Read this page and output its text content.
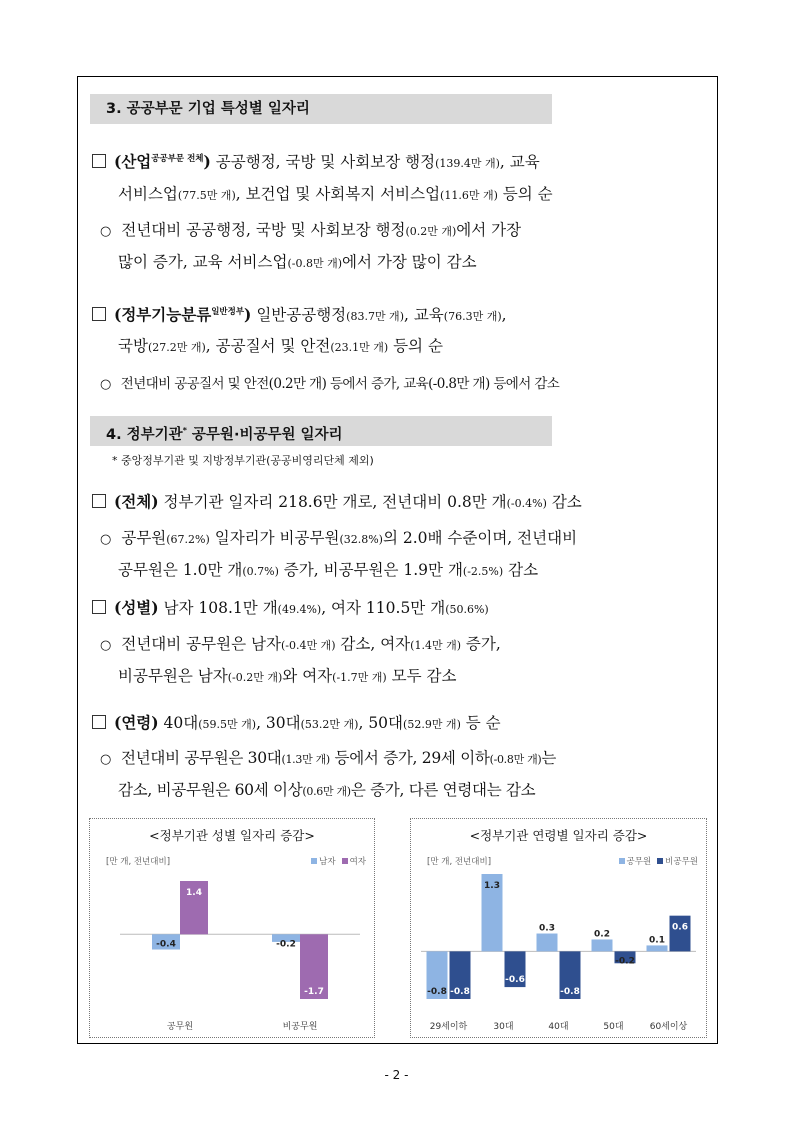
3. 공공부문 기업 특성별 일자리
(산업$^{공공부문 전체}$) 공공행정, 국방 및 사회보장 행정(139.4만 개), 교육
서비스업(77.5만 개), 보건업 및 사회복지 서비스업(11.6만 개) 등의 순
○ 전년대비 공공행정, 국방 및 사회보장 행정(0.2만 개)에서 가장
많이 증가, 교육 서비스업(-0.8만 개)에서 가장 많이 감소
(정부기능분류$^{일반정부}$) 일반공공행정(83.7만 개), 교육(76.3만 개),
국방(27.2만 개), 공공질서 및 안전(23.1만 개) 등의 순
○ 전년대비 공공질서 및 안전(0.2만 개) 등에서 증가, 교육(-0.8만 개) 등에서 감소
4. 정부기관* 공무원·비공무원 일자리
* 중앙정부기관 및 지방정부기관(공공비영리단체 제외)
(전체) 정부기관 일자리 218.6만 개로, 전년대비 0.8만 개(-0.4%) 감소
○ 공무원(67.2%) 일자리가 비공무원(32.8%)의 2.0배 수준이며, 전년대비
공무원은 1.0만 개(0.7%) 증가, 비공무원은 1.9만 개(-2.5%) 감소
(성별) 남자 108.1만 개(49.4%), 여자 110.5만 개(50.6%)
○ 전년대비 공무원은 남자(-0.4만 개) 감소, 여자(1.4만 개) 증가,
비공무원은 남자(-0.2만 개)와 여자(-1.7만 개) 모두 감소
(연령) 40대(59.5만 개), 30대(53.2만 개), 50대(52.9만 개) 등 순
○ 전년대비 공무원은 30대(1.3만 개) 등에서 증가, 29세 이하(-0.8만 개)는
감소, 비공무원은 60세 이상(0.6만 개)은 증가, 다른 연령대는 감소
<정부기관 성별 일자리 증감>
[만 개, 전년대비]	남자 여자
-0.4
1.4
공무원
-0.2
-1.7
비공무원
<정부기관 연령별 일자리 증감>
[만 개, 전년대비]	공무원 비공무원
-0.8 -0.8
29세이하
1.3
-0.6
30대
0.3
-0.8
40대
0.2
-0.2
50대
0.1
0.6
60세이상
- 2 -
